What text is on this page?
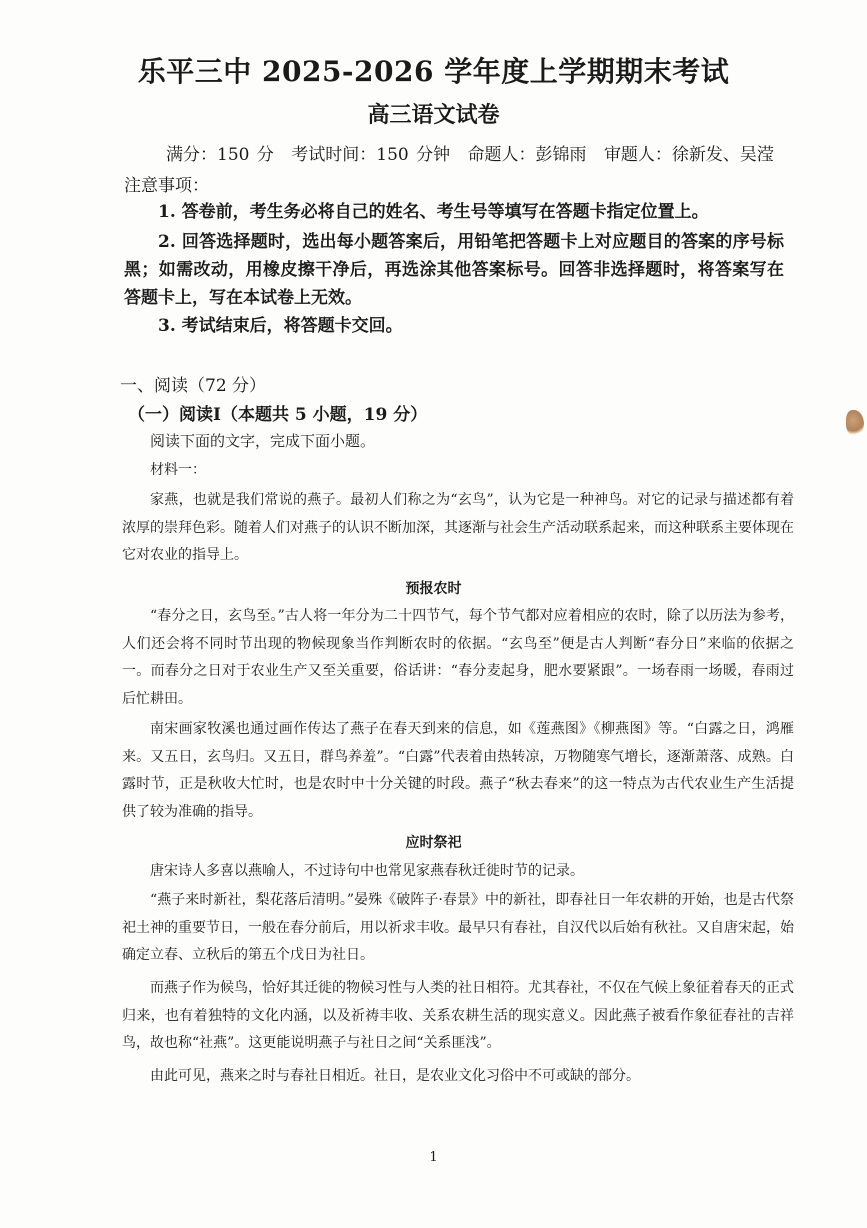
乐平三中 2025-2026 学年度上学期期末考试
高三语文试卷
满分：150 分 考试时间：150 分钟 命题人：彭锦雨 审题人：徐新发、吴滢
注意事项：
1. 答卷前，考生务必将自己的姓名、考生号等填写在答题卡指定位置上。
2. 回答选择题时，选出每小题答案后，用铅笔把答题卡上对应题目的答案的序号标黑；如需改动，用橡皮擦干净后，再选涂其他答案标号。回答非选择题时，将答案写在答题卡上，写在本试卷上无效。
3. 考试结束后，将答题卡交回。
一、阅读（72 分）
（一）阅读Ⅰ（本题共 5 小题，19 分）
阅读下面的文字，完成下面小题。
材料一：
家燕，也就是我们常说的燕子。最初人们称之为“玄鸟”，认为它是一种神鸟。对它的记录与描述都有着浓厚的崇拜色彩。随着人们对燕子的认识不断加深，其逐渐与社会生产活动联系起来，而这种联系主要体现在它对农业的指导上。
预报农时
“春分之日，玄鸟至。”古人将一年分为二十四节气，每个节气都对应着相应的农时，除了以历法为参考，人们还会将不同时节出现的物候现象当作判断农时的依据。“玄鸟至”便是古人判断“春分日”来临的依据之一。而春分之日对于农业生产又至关重要，俗话讲：“春分麦起身，肥水要紧跟”。一场春雨一场暖，春雨过后忙耕田。
南宋画家牧溪也通过画作传达了燕子在春天到来的信息，如《莲燕图》《柳燕图》等。“白露之日，鸿雁来。又五日，玄鸟归。又五日，群鸟养羞”。“白露”代表着由热转凉，万物随寒气增长，逐渐萧落、成熟。白露时节，正是秋收大忙时，也是农时中十分关键的时段。燕子“秋去春来”的这一特点为古代农业生产生活提供了较为准确的指导。
应时祭祀
唐宋诗人多喜以燕喻人，不过诗句中也常见家燕春秋迁徙时节的记录。
“燕子来时新社，梨花落后清明。”晏殊《破阵子·春景》中的新社，即春社日一年农耕的开始，也是古代祭祀土神的重要节日，一般在春分前后，用以祈求丰收。最早只有春社，自汉代以后始有秋社。又自唐宋起，始确定立春、立秋后的第五个戊日为社日。
而燕子作为候鸟，恰好其迁徙的物候习性与人类的社日相符。尤其春社，不仅在气候上象征着春天的正式归来，也有着独特的文化内涵，以及祈祷丰收、关系农耕生活的现实意义。因此燕子被看作象征春社的吉祥鸟，故也称“社燕”。这更能说明燕子与社日之间“关系匪浅”。
由此可见，燕来之时与春社日相近。社日，是农业文化习俗中不可或缺的部分。
1
